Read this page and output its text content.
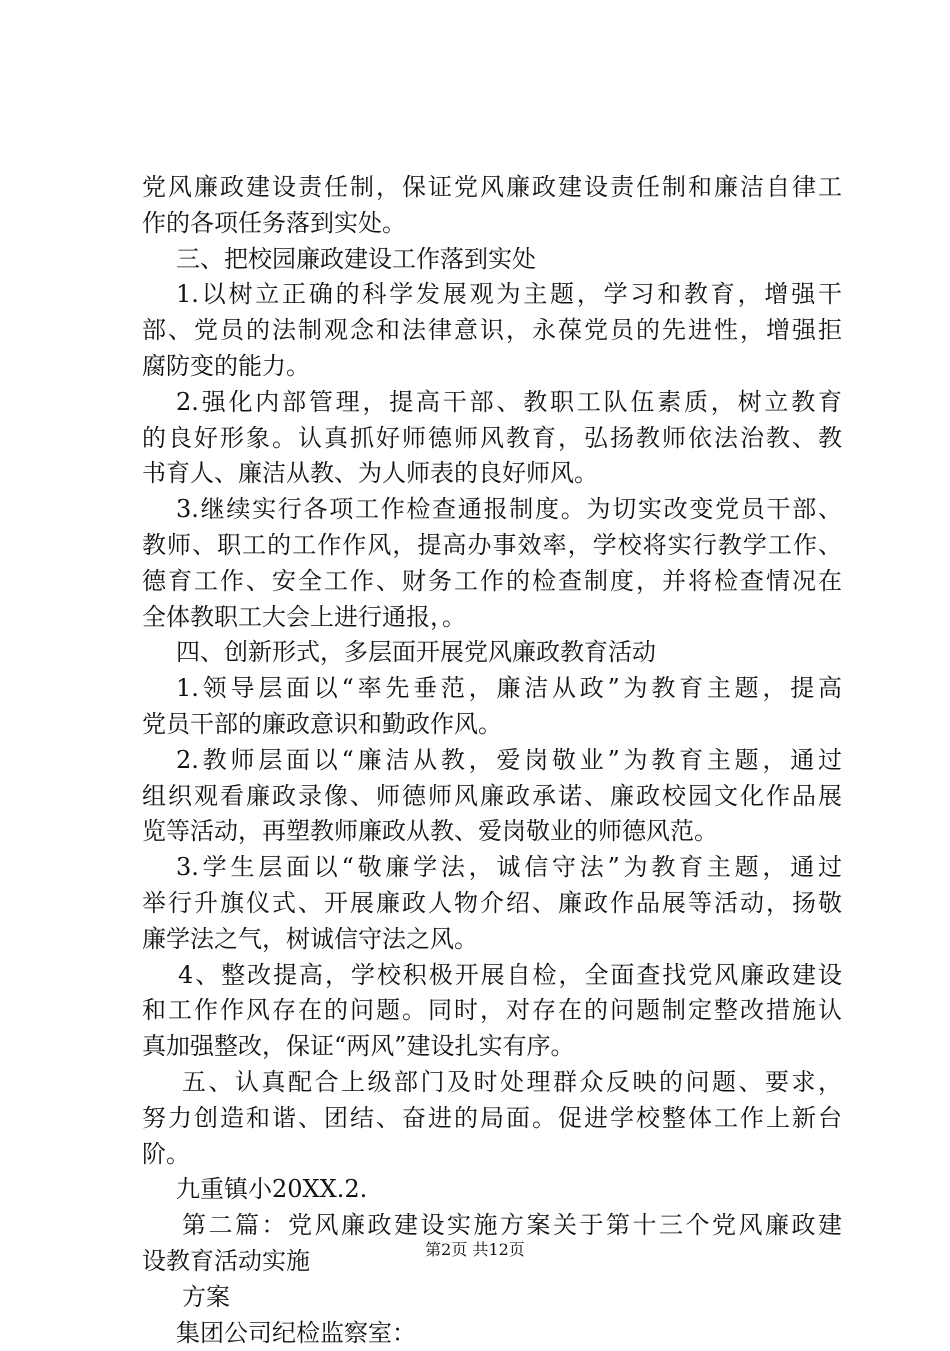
党风廉政建设责任制，保证党风廉政建设责任制和廉洁自律工
作的各项任务落到实处。
三、把校园廉政建设工作落到实处
1.以树立正确的科学发展观为主题，学习和教育，增强干
部、党员的法制观念和法律意识，永葆党员的先进性，增强拒
腐防变的能力。
2.强化内部管理，提高干部、教职工队伍素质，树立教育
的良好形象。认真抓好师德师风教育，弘扬教师依法治教、教
书育人、廉洁从教、为人师表的良好师风。
3.继续实行各项工作检查通报制度。为切实改变党员干部、
教师、职工的工作作风，提高办事效率，学校将实行教学工作、
德育工作、安全工作、财务工作的检查制度，并将检查情况在
全体教职工大会上进行通报，。
四、创新形式，多层面开展党风廉政教育活动
1.领导层面以“率先垂范，廉洁从政”为教育主题，提高
党员干部的廉政意识和勤政作风。
2.教师层面以“廉洁从教，爱岗敬业”为教育主题，通过
组织观看廉政录像、师德师风廉政承诺、廉政校园文化作品展
览等活动，再塑教师廉政从教、爱岗敬业的师德风范。
3.学生层面以“敬廉学法，诚信守法”为教育主题，通过
举行升旗仪式、开展廉政人物介绍、廉政作品展等活动，扬敬
廉学法之气，树诚信守法之风。
4、整改提高，学校积极开展自检，全面查找党风廉政建设
和工作作风存在的问题。同时，对存在的问题制定整改措施认
真加强整改，保证“两风”建设扎实有序。
五、认真配合上级部门及时处理群众反映的问题、要求，
努力创造和谐、团结、奋进的局面。促进学校整体工作上新台
阶。
九重镇小20XX.2.
第二篇：党风廉政建设实施方案关于第十三个党风廉政建
设教育活动实施
方案
集团公司纪检监察室：
第2页 共12页
